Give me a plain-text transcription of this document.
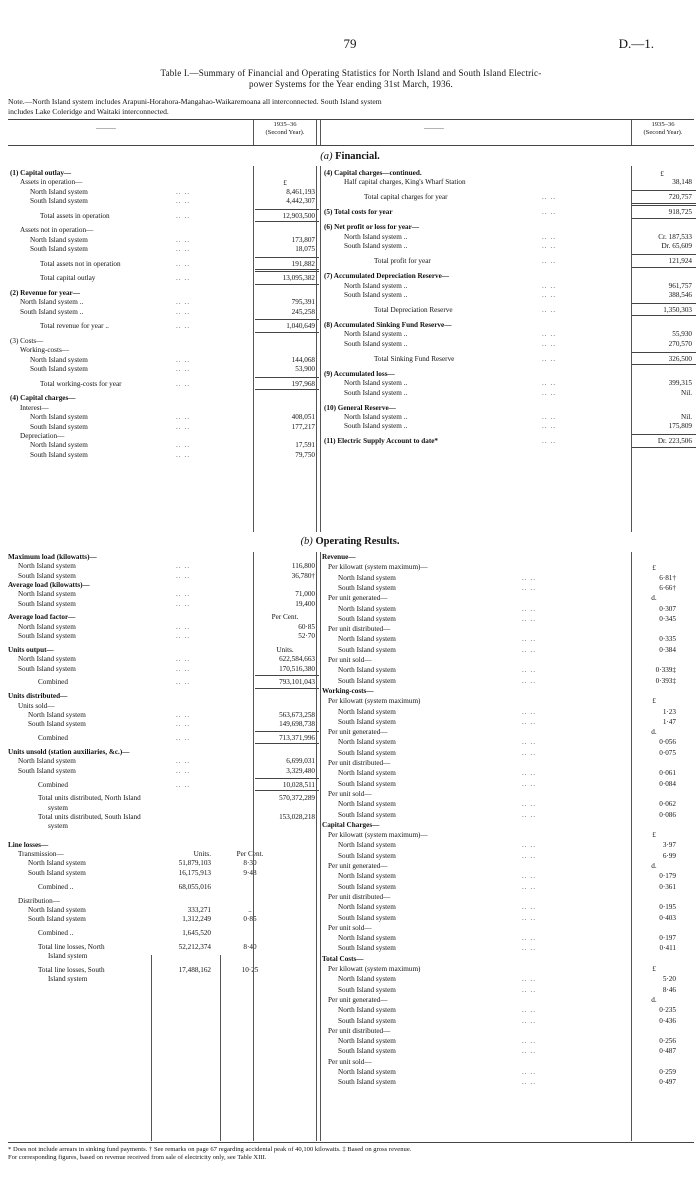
79	D.—1.
Table I.—Summary of Financial and Operating Statistics for North Island and South Island Electric-
power Systems for the Year ending 31st March, 1936.
Note.—North Island system includes Arapuni-Horahora-Mangahao-Waikaremoana all interconnected. South Island system
includes Lake Coleridge and Waitaki interconnected.
———
1935–36
(Second Year).
———
1935–36
(Second Year).
(a) Financial.
(1) Capital outlay—
Assets in operation—	£
North Island system	.. ..	8,461,193
South Island system	.. ..	4,442,307
Total assets in operation	.. ..	12,903,500
Assets not in operation—
North Island system	.. ..	173,807
South Island system	.. ..	18,075
Total assets not in operation	.. ..	191,882
Total capital outlay	.. ..	13,095,382
(2) Revenue for year—
North Island system ..	.. ..	795,391
South Island system ..	.. ..	245,258
Total revenue for year ..	.. ..	1,040,649
(3) Costs—
Working-costs—
North Island system	.. ..	144,068
South Island system	.. ..	53,900
Total working-costs for year	.. ..	197,968
(4) Capital charges—
Interest—
North Island system	.. ..	408,051
South Island system	.. ..	177,217
Depreciation—
North Island system	.. ..	17,591
South Island system	.. ..	79,750
(4) Capital charges—continued.	£
Half capital charges, King's Wharf Station	38,148
Total capital charges for year	.. ..	720,757
(5) Total costs for year	.. ..	918,725
(6) Net profit or loss for year—
North Island system ..	.. ..	Cr. 187,533
South Island system ..	.. ..	Dr. 65,609
Total profit for year	.. ..	121,924
(7) Accumulated Depreciation Reserve—
North Island system ..	.. ..	961,757
South Island system ..	.. ..	388,546
Total Depreciation Reserve	.. ..	1,350,303
(8) Accumulated Sinking Fund Reserve—
North Island system ..	.. ..	55,930
South Island system ..	.. ..	270,570
Total Sinking Fund Reserve	.. ..	326,500
(9) Accumulated loss—
North Island system ..	.. ..	399,315
South Island system ..	.. ..	Nil.
(10) General Reserve—
North Island system ..	.. ..	Nil.
South Island system ..	.. ..	175,809
(11) Electric Supply Account to date*	.. ..	Dr. 223,506
(b) Operating Results.
Maximum load (kilowatts)—
North Island system	.. ..	116,800
South Island system	.. ..	36,780†
Average load (kilowatts)—
North Island system	.. ..	71,000
South Island system	.. ..	19,400
Average load factor—	Per Cent.
North Island system	.. ..	60·85
South Island system	.. ..	52·70
Units output—	Units.
North Island system	.. ..	622,584,663
South Island system	.. ..	170,516,380
Combined	.. ..	793,101,043
Units distributed—
Units sold—
North Island system	.. ..	563,673,258
South Island system	.. ..	149,698,738
Combined	.. ..	713,371,996
Units unsold (station auxiliaries, &c.)—
North Island system	.. ..	6,699,031
South Island system	.. ..	3,329,480
Combined	.. ..	10,028,511
Total units distributed, North Island	570,372,289
system
Total units distributed, South Island	153,028,218
system
Line losses—
Transmission—	Units.	Per Cent.
North Island system	51,879,103	8·30
South Island system	16,175,913	9·48
Combined ..	68,055,016
Distribution—
North Island system	333,271	..
South Island system	1,312,249	0·85
Combined ..	1,645,520
Total line losses, North	52,212,374	8·40
Island system
Total line losses, South	17,488,162	10·25
Island system
Revenue—
Per kilowatt (system maximum)—	£
North Island system	.. ..	6·81†
South Island system	.. ..	6·66†
Per unit generated—	d.
North Island system	.. ..	0·307
South Island system	.. ..	0·345
Per unit distributed—
North Island system	.. ..	0·335
South Island system	.. ..	0·384
Per unit sold—
North Island system	.. ..	0·339‡
South Island system	.. ..	0·393‡
Working-costs—
Per kilowatt (system maximum)	£
North Island system	.. ..	1·23
South Island system	.. ..	1·47
Per unit generated—	d.
North Island system	.. ..	0·056
South Island system	.. ..	0·075
Per unit distributed—
North Island system	.. ..	0·061
South Island system	.. ..	0·084
Per unit sold—
North Island system	.. ..	0·062
South Island system	.. ..	0·086
Capital Charges—
Per kilowatt (system maximum)—	£
North Island system	.. ..	3·97
South Island system	.. ..	6·99
Per unit generated—	d.
North Island system	.. ..	0·179
South Island system	.. ..	0·361
Per unit distributed—
North Island system	.. ..	0·195
South Island system	.. ..	0·403
Per unit sold—
North Island system	.. ..	0·197
South Island system	.. ..	0·411
Total Costs—
Per kilowatt (system maximum)	£
North Island system	.. ..	5·20
South Island system	.. ..	8·46
Per unit generated—	d.
North Island system	.. ..	0·235
South Island system	.. ..	0·436
Per unit distributed—
North Island system	.. ..	0·256
South Island system	.. ..	0·487
Per unit sold—
North Island system	.. ..	0·259
South Island system	.. ..	0·497
* Does not include arrears in sinking fund payments. † See remarks on page 67 regarding accidental peak of 40,100 kilowatts. ‡ Based on gross revenue.
For corresponding figures, based on revenue received from sale of electricity only, see Table XIII.
